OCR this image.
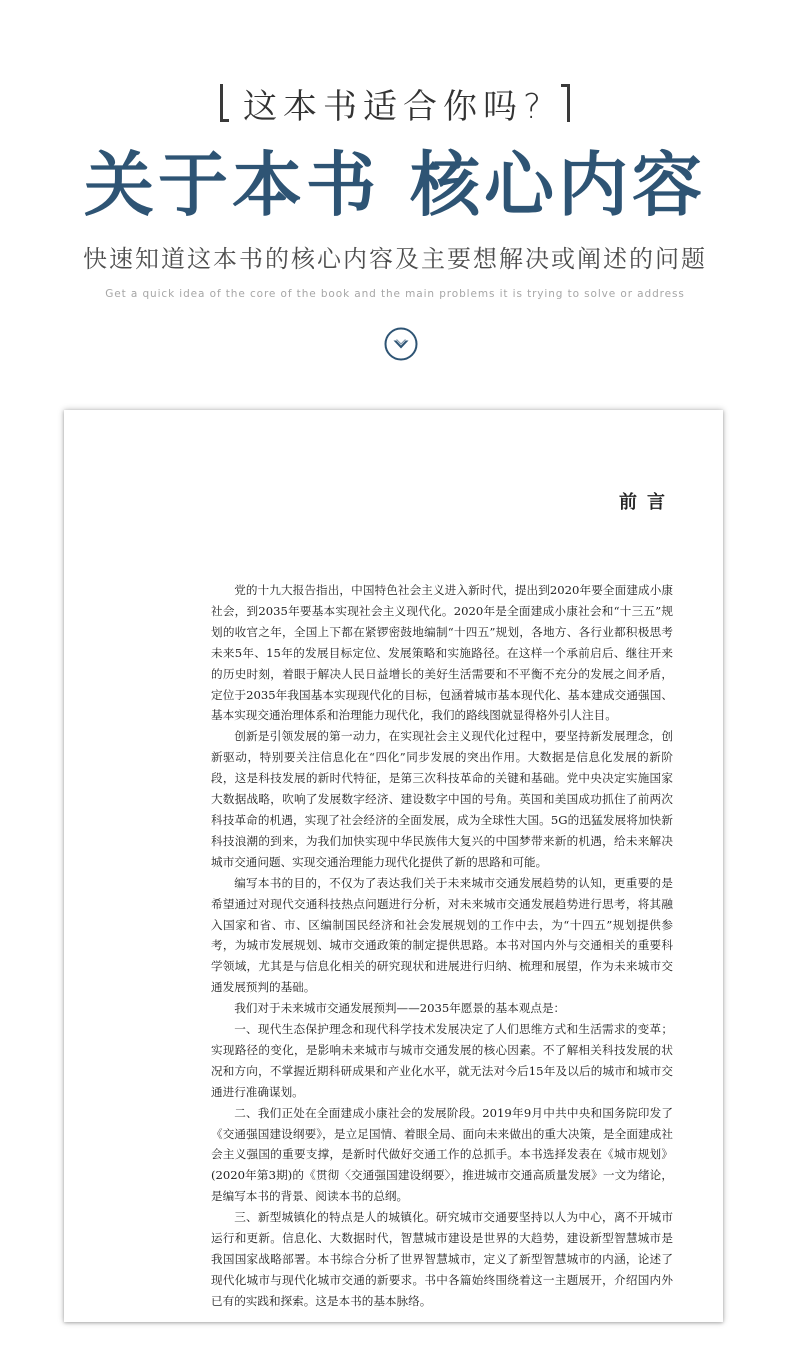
这本书适合你吗?
关于本书 核心内容
快速知道这本书的核心内容及主要想解决或阐述的问题
Get a quick idea of the core of the book and the main problems it is trying to solve or address
前言

党的十九大报告指出，中国特色社会主义进入新时代，提出到2020年要全面建成小康社会，到2035年要基本实现社会主义现代化。2020年是全面建成小康社会和“十三五”规划的收官之年，全国上下都在紧锣密鼓地编制“十四五”规划，各地方、各行业都积极思考未来5年、15年的发展目标定位、发展策略和实施路径。在这样一个承前启后、继往开来的历史时刻，着眼于解决人民日益增长的美好生活需要和不平衡不充分的发展之间矛盾，定位于2035年我国基本实现现代化的目标，包涵着城市基本现代化、基本建成交通强国、基本实现交通治理体系和治理能力现代化，我们的路线图就显得格外引人注目。

创新是引领发展的第一动力，在实现社会主义现代化过程中，要坚持新发展理念，创新驱动，特别要关注信息化在“四化”同步发展的突出作用。大数据是信息化发展的新阶段，这是科技发展的新时代特征，是第三次科技革命的关键和基础。党中央决定实施国家大数据战略，吹响了发展数字经济、建设数字中国的号角。英国和美国成功抓住了前两次科技革命的机遇，实现了社会经济的全面发展，成为全球性大国。5G的迅猛发展将加快新科技浪潮的到来，为我们加快实现中华民族伟大复兴的中国梦带来新的机遇，给未来解决城市交通问题、实现交通治理能力现代化提供了新的思路和可能。

编写本书的目的，不仅为了表达我们关于未来城市交通发展趋势的认知，更重要的是希望通过对现代交通科技热点问题进行分析，对未来城市交通发展趋势进行思考，将其融入国家和省、市、区编制国民经济和社会发展规划的工作中去，为“十四五”规划提供参考，为城市发展规划、城市交通政策的制定提供思路。本书对国内外与交通相关的重要科学领域，尤其是与信息化相关的研究现状和进展进行归纳、梳理和展望，作为未来城市交通发展预判的基础。

我们对于未来城市交通发展预判——2035年愿景的基本观点是：

一、现代生态保护理念和现代科学技术发展决定了人们思维方式和生活需求的变革；实现路径的变化，是影响未来城市与城市交通发展的核心因素。不了解相关科技发展的状况和方向，不掌握近期科研成果和产业化水平，就无法对今后15年及以后的城市和城市交通进行准确谋划。

二、我们正处在全面建成小康社会的发展阶段。2019年9月中共中央和国务院印发了《交通强国建设纲要》，是立足国情、着眼全局、面向未来做出的重大决策，是全面建成社会主义强国的重要支撑，是新时代做好交通工作的总抓手。本书选择发表在《城市规划》(2020年第3期)的《贯彻〈交通强国建设纲要〉，推进城市交通高质量发展》一文为绪论，是编写本书的背景、阅读本书的总纲。

三、新型城镇化的特点是人的城镇化。研究城市交通要坚持以人为中心，离不开城市运行和更新。信息化、大数据时代，智慧城市建设是世界的大趋势，建设新型智慧城市是我国国家战略部署。本书综合分析了世界智慧城市，定义了新型智慧城市的内涵，论述了现代化城市与现代化城市交通的新要求。书中各篇始终围绕着这一主题展开，介绍国内外已有的实践和探索。这是本书的基本脉络。
